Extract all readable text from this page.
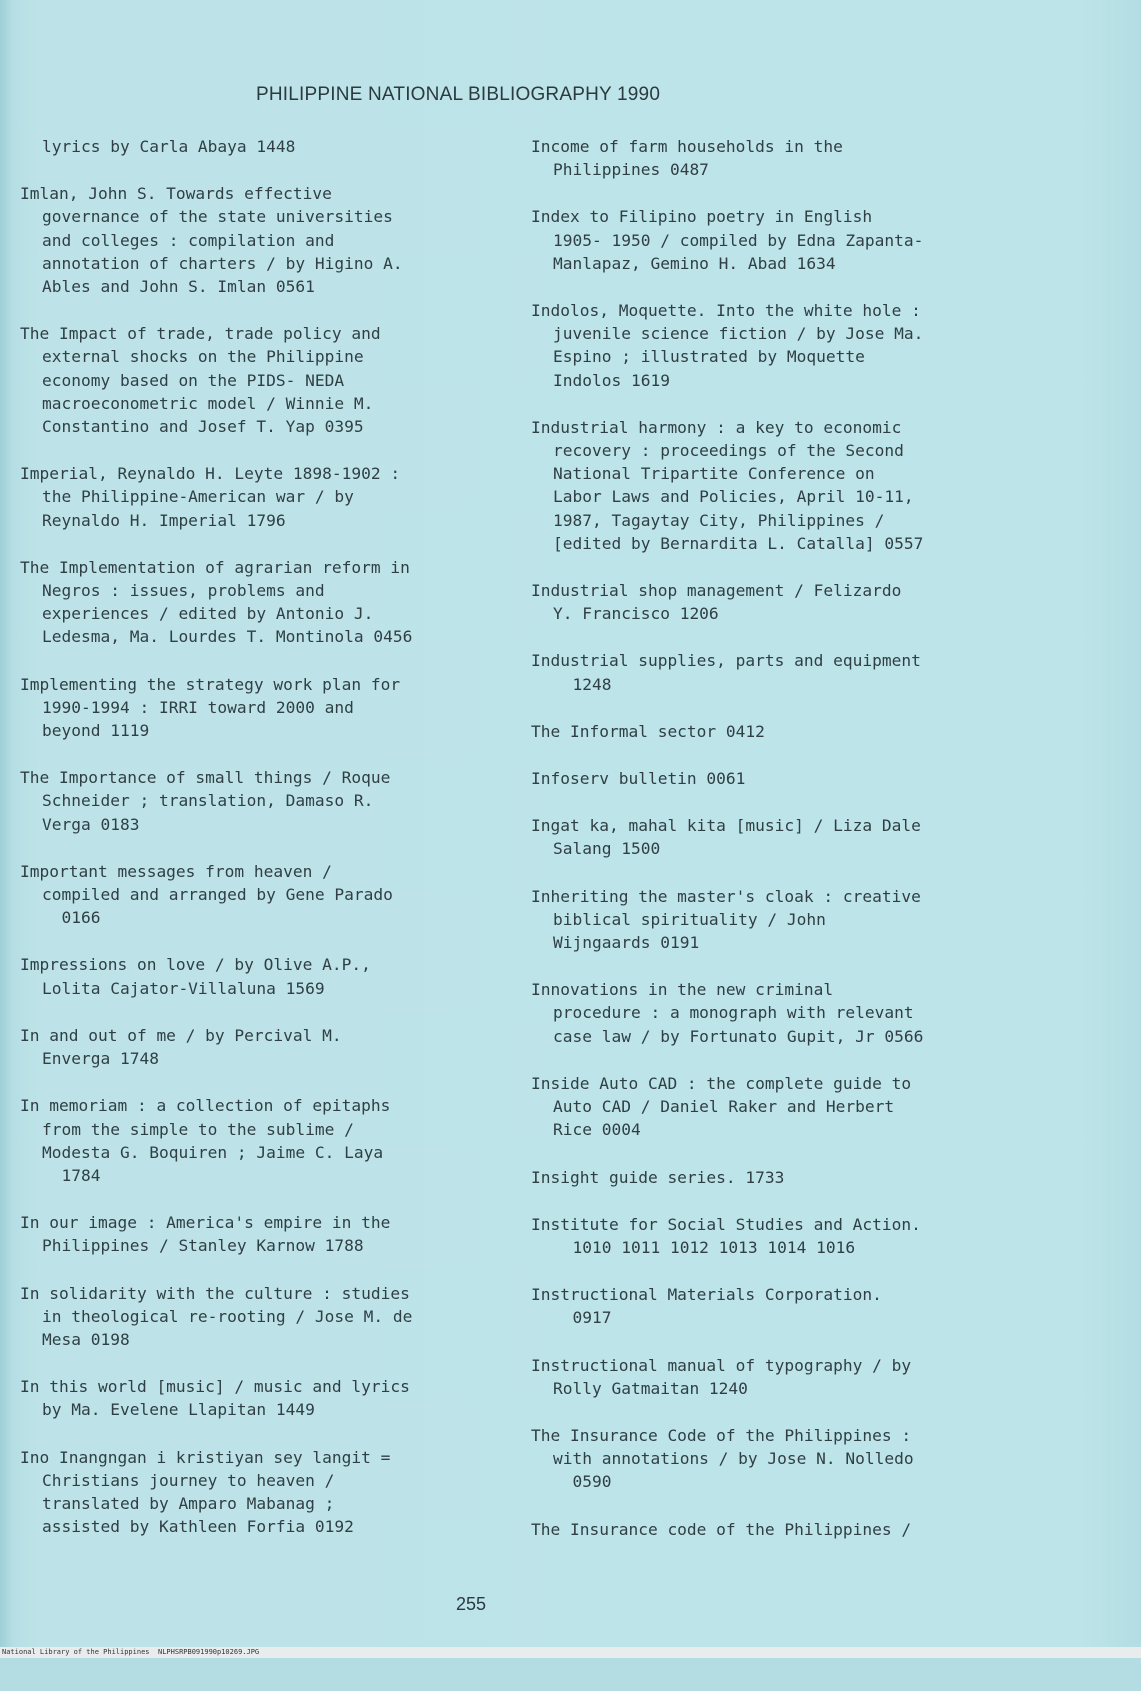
PHILIPPINE NATIONAL BIBLIOGRAPHY 1990
lyrics by Carla Abaya 1448
Imlan, John S. Towards effective
governance of the state universities
and colleges : compilation and
annotation of charters / by Higino A.
Ables and John S. Imlan 0561
The Impact of trade, trade policy and
external shocks on the Philippine
economy based on the PIDS- NEDA
macroeconometric model / Winnie M.
Constantino and Josef T. Yap 0395
Imperial, Reynaldo H. Leyte 1898-1902 :
the Philippine-American war / by
Reynaldo H. Imperial 1796
The Implementation of agrarian reform in
Negros : issues, problems and
experiences / edited by Antonio J.
Ledesma, Ma. Lourdes T. Montinola 0456
Implementing the strategy work plan for
1990-1994 : IRRI toward 2000 and
beyond 1119
The Importance of small things / Roque
Schneider ; translation, Damaso R.
Verga 0183
Important messages from heaven /
compiled and arranged by Gene Parado
0166
Impressions on love / by Olive A.P.,
Lolita Cajator-Villaluna 1569
In and out of me / by Percival M.
Enverga 1748
In memoriam : a collection of epitaphs
from the simple to the sublime /
Modesta G. Boquiren ; Jaime C. Laya
1784
In our image : America's empire in the
Philippines / Stanley Karnow 1788
In solidarity with the culture : studies
in theological re-rooting / Jose M. de
Mesa 0198
In this world [music] / music and lyrics
by Ma. Evelene Llapitan 1449
Ino Inangngan i kristiyan sey langit =
Christians journey to heaven /
translated by Amparo Mabanag ;
assisted by Kathleen Forfia 0192
Income of farm households in the
Philippines 0487
Index to Filipino poetry in English
1905- 1950 / compiled by Edna Zapanta-
Manlapaz, Gemino H. Abad 1634
Indolos, Moquette. Into the white hole :
juvenile science fiction / by Jose Ma.
Espino ; illustrated by Moquette
Indolos 1619
Industrial harmony : a key to economic
recovery : proceedings of the Second
National Tripartite Conference on
Labor Laws and Policies, April 10-11,
1987, Tagaytay City, Philippines /
[edited by Bernardita L. Catalla] 0557
Industrial shop management / Felizardo
Y. Francisco 1206
Industrial supplies, parts and equipment
1248
The Informal sector 0412
Infoserv bulletin 0061
Ingat ka, mahal kita [music] / Liza Dale
Salang 1500
Inheriting the master's cloak : creative
biblical spirituality / John
Wijngaards 0191
Innovations in the new criminal
procedure : a monograph with relevant
case law / by Fortunato Gupit, Jr 0566
Inside Auto CAD : the complete guide to
Auto CAD / Daniel Raker and Herbert
Rice 0004
Insight guide series. 1733
Institute for Social Studies and Action.
1010 1011 1012 1013 1014 1016
Instructional Materials Corporation.
0917
Instructional manual of typography / by
Rolly Gatmaitan 1240
The Insurance Code of the Philippines :
with annotations / by Jose N. Nolledo
0590
The Insurance code of the Philippines /
255

National Library of the Philippines

NLPHSRPB091990p10269.JPG
